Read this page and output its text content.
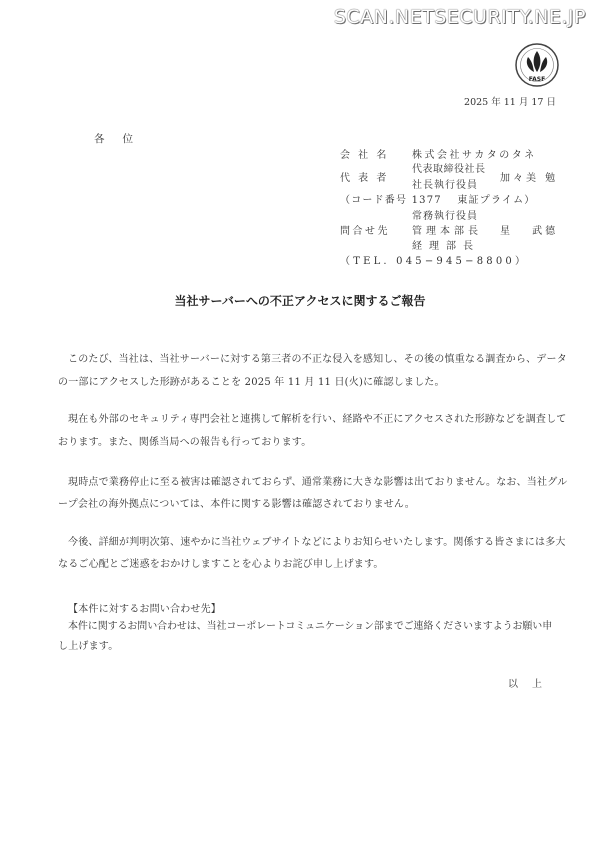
SCAN.NETSECURITY.NE.JP
FASF
2025 年 11 月 17 日
各位
会 社 名 株式会社サカタのタネ
代表取締役社長
代 表 者
社長執行役員
加々美 勉
（コード番号 1377　 東証プライム）
常務執行役員
問合せ先 管理本部長 星　 武德
経理部長
（TEL. 045−945−8800）
当社サーバーへの不正アクセスに関するご報告
このたび、当社は、当社サーバーに対する第三者の不正な侵入を感知し、その後の慎重なる調査から、データ
の一部にアクセスした形跡があることを 2025 年 11 月 11 日(火)に確認しました。
現在も外部のセキュリティ専門会社と連携して解析を行い、経路や不正にアクセスされた形跡などを調査して
おります。また、関係当局への報告も行っております。
現時点で業務停止に至る被害は確認されておらず、通常業務に大きな影響は出ておりません。なお、当社グル
ープ会社の海外拠点については、本件に関する影響は確認されておりません。
今後、詳細が判明次第、速やかに当社ウェブサイトなどによりお知らせいたします。関係する皆さまには多大
なるご心配とご迷惑をおかけしますことを心よりお詫び申し上げます。
【本件に対するお問い合わせ先】
本件に関するお問い合わせは、当社コーポレートコミュニケーション部までご連絡くださいますようお願い申
し上げます。
以上
